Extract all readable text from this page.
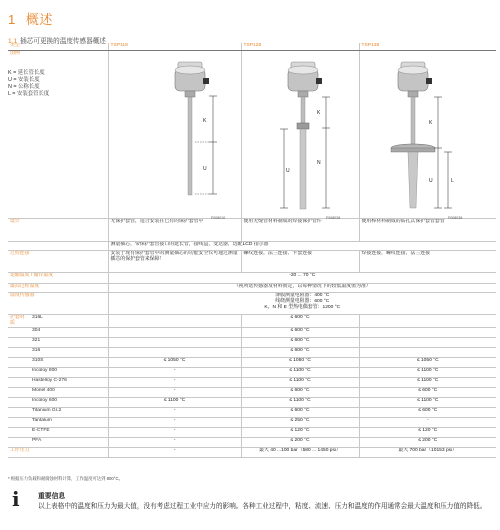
1 概述
1.1 插芯可更换的温度传感器概述
类型		TSP118	TSP128	TSP138
图例				
设计		无保护套管，适合安装在已有的保护套管中	使用无缝管材料制成的焊接保护管件	使用棒材料制成的钻孔式保护套管套管
		测量插芯，带保护套管接口的延长管，接线盒，变送器，选配LCD 指示器		
过程连接		安装于现有保护套管中的测量插芯的功能安全仪可通过测量插芯的保护套管来保障！	螺纹连接，法兰连接，卡套连接	焊接连接，螺纹连接，法兰连接
运输温度 / 储存温度		-20 ... 70 °C		
最高过程温度		（视所选传感器及材料而定，以每种情况下的较低温度值为准）		
温度传感器		薄膜测量电阻器：400 °C
线绕测量电阻器：600 °C
K、N 和 E 型热电偶套管：1200 °C		

护套材质	316L		≤ 600 °C	
	304		≤ 600 °C	
	321		≤ 600 °C	
	316		≤ 600 °C	
	310S	≤ 1050 °C	≤ 1050 °C	≤ 1050 °C
	Incoloy 800	-	≤ 1100 °C	≤ 1100 °C
	Hastelloy C-276	-	≤ 1100 °C	≤ 1100 °C
	Monel 400	-	≤ 600 °C	≤ 600 °C
	Incoloy 600	≤ 1100 °C	≤ 1100 °C	≤ 1100 °C
	Titanium Gr.2	-	≤ 600 °C	≤ 600 °C
	Tantalum	-	≤ 250 °C	-
	E-CTFE	-	≤ 120 °C	≤ 120 °C
	PFA	-	≤ 200 °C	≤ 200 °C
工作压力		-	最大 40 ...100 bar（580 ... 1450 psi）	最大 700 bar（10153 psi）
K = 延长管长度
U = 安装长度
N = 公称长度
L = 安装套管长度
K
U
F008010
K
N
U
F008028
K
U	L
F008038
* 根据压力负载和耐腐蚀材料计算，工作温度可达到 800°C。
i	重要信息
以上表格中的温度和压力为最大值，没有考虑过程工业中应力的影响。各种工业过程中，粘度、流速、压力和温度的作用通常会最大温度和压力值的降低。
